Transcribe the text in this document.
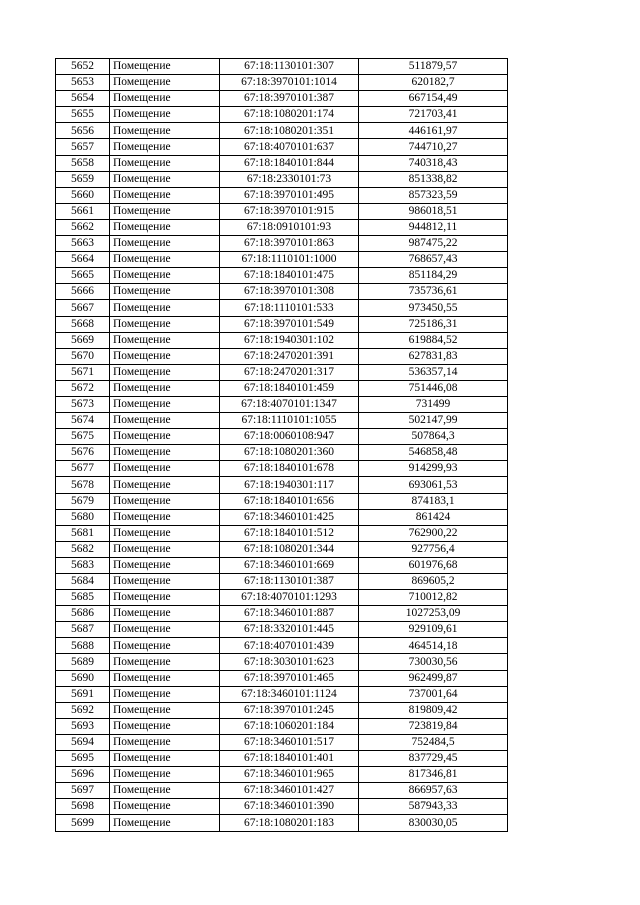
5652	Помещение	67:18:1130101:307	511879,57
5653	Помещение	67:18:3970101:1014	620182,7
5654	Помещение	67:18:3970101:387	667154,49
5655	Помещение	67:18:1080201:174	721703,41
5656	Помещение	67:18:1080201:351	446161,97
5657	Помещение	67:18:4070101:637	744710,27
5658	Помещение	67:18:1840101:844	740318,43
5659	Помещение	67:18:2330101:73	851338,82
5660	Помещение	67:18:3970101:495	857323,59
5661	Помещение	67:18:3970101:915	986018,51
5662	Помещение	67:18:0910101:93	944812,11
5663	Помещение	67:18:3970101:863	987475,22
5664	Помещение	67:18:1110101:1000	768657,43
5665	Помещение	67:18:1840101:475	851184,29
5666	Помещение	67:18:3970101:308	735736,61
5667	Помещение	67:18:1110101:533	973450,55
5668	Помещение	67:18:3970101:549	725186,31
5669	Помещение	67:18:1940301:102	619884,52
5670	Помещение	67:18:2470201:391	627831,83
5671	Помещение	67:18:2470201:317	536357,14
5672	Помещение	67:18:1840101:459	751446,08
5673	Помещение	67:18:4070101:1347	731499
5674	Помещение	67:18:1110101:1055	502147,99
5675	Помещение	67:18:0060108:947	507864,3
5676	Помещение	67:18:1080201:360	546858,48
5677	Помещение	67:18:1840101:678	914299,93
5678	Помещение	67:18:1940301:117	693061,53
5679	Помещение	67:18:1840101:656	874183,1
5680	Помещение	67:18:3460101:425	861424
5681	Помещение	67:18:1840101:512	762900,22
5682	Помещение	67:18:1080201:344	927756,4
5683	Помещение	67:18:3460101:669	601976,68
5684	Помещение	67:18:1130101:387	869605,2
5685	Помещение	67:18:4070101:1293	710012,82
5686	Помещение	67:18:3460101:887	1027253,09
5687	Помещение	67:18:3320101:445	929109,61
5688	Помещение	67:18:4070101:439	464514,18
5689	Помещение	67:18:3030101:623	730030,56
5690	Помещение	67:18:3970101:465	962499,87
5691	Помещение	67:18:3460101:1124	737001,64
5692	Помещение	67:18:3970101:245	819809,42
5693	Помещение	67:18:1060201:184	723819,84
5694	Помещение	67:18:3460101:517	752484,5
5695	Помещение	67:18:1840101:401	837729,45
5696	Помещение	67:18:3460101:965	817346,81
5697	Помещение	67:18:3460101:427	866957,63
5698	Помещение	67:18:3460101:390	587943,33
5699	Помещение	67:18:1080201:183	830030,05
